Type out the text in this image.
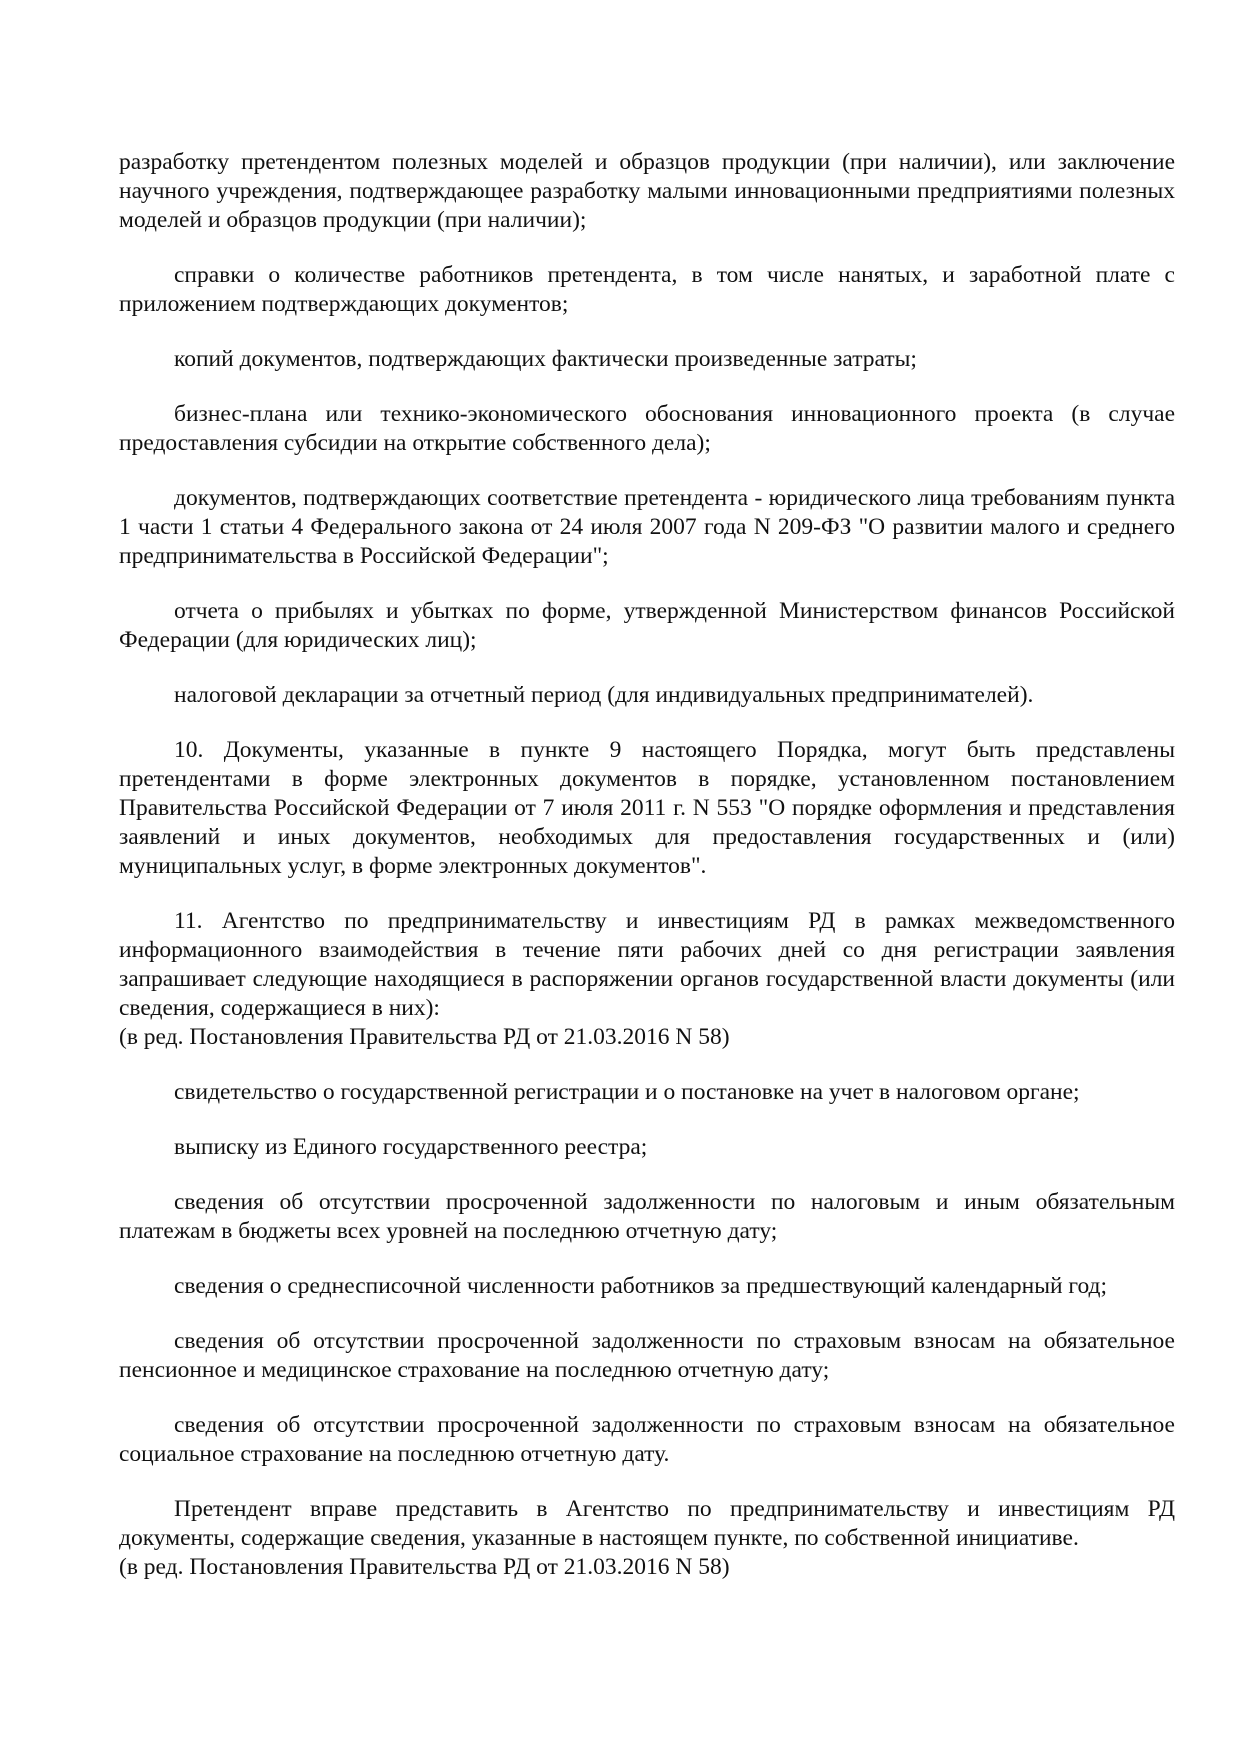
разработку претендентом полезных моделей и образцов продукции (при наличии), или заключение научного учреждения, подтверждающее разработку малыми инновационными предприятиями полезных моделей и образцов продукции (при наличии);

справки о количестве работников претендента, в том числе нанятых, и заработной плате с приложением подтверждающих документов;

копий документов, подтверждающих фактически произведенные затраты;

бизнес-плана или технико-экономического обоснования инновационного проекта (в случае предоставления субсидии на открытие собственного дела);

документов, подтверждающих соответствие претендента - юридического лица требованиям пункта 1 части 1 статьи 4 Федерального закона от 24 июля 2007 года N 209-ФЗ "О развитии малого и среднего предпринимательства в Российской Федерации";

отчета о прибылях и убытках по форме, утвержденной Министерством финансов Российской Федерации (для юридических лиц);

налоговой декларации за отчетный период (для индивидуальных предпринимателей).

10. Документы, указанные в пункте 9 настоящего Порядка, могут быть представлены претендентами в форме электронных документов в порядке, установленном постановлением Правительства Российской Федерации от 7 июля 2011 г. N 553 "О порядке оформления и представления заявлений и иных документов, необходимых для предоставления государственных и (или) муниципальных услуг, в форме электронных документов".

11. Агентство по предпринимательству и инвестициям РД в рамках межведомственного информационного взаимодействия в течение пяти рабочих дней со дня регистрации заявления запрашивает следующие находящиеся в распоряжении органов государственной власти документы (или сведения, содержащиеся в них):

(в ред. Постановления Правительства РД от 21.03.2016 N 58)

свидетельство о государственной регистрации и о постановке на учет в налоговом органе;

выписку из Единого государственного реестра;

сведения об отсутствии просроченной задолженности по налоговым и иным обязательным платежам в бюджеты всех уровней на последнюю отчетную дату;

сведения о среднесписочной численности работников за предшествующий календарный год;

сведения об отсутствии просроченной задолженности по страховым взносам на обязательное пенсионное и медицинское страхование на последнюю отчетную дату;

сведения об отсутствии просроченной задолженности по страховым взносам на обязательное социальное страхование на последнюю отчетную дату.

Претендент вправе представить в Агентство по предпринимательству и инвестициям РД документы, содержащие сведения, указанные в настоящем пункте, по собственной инициативе.

(в ред. Постановления Правительства РД от 21.03.2016 N 58)
